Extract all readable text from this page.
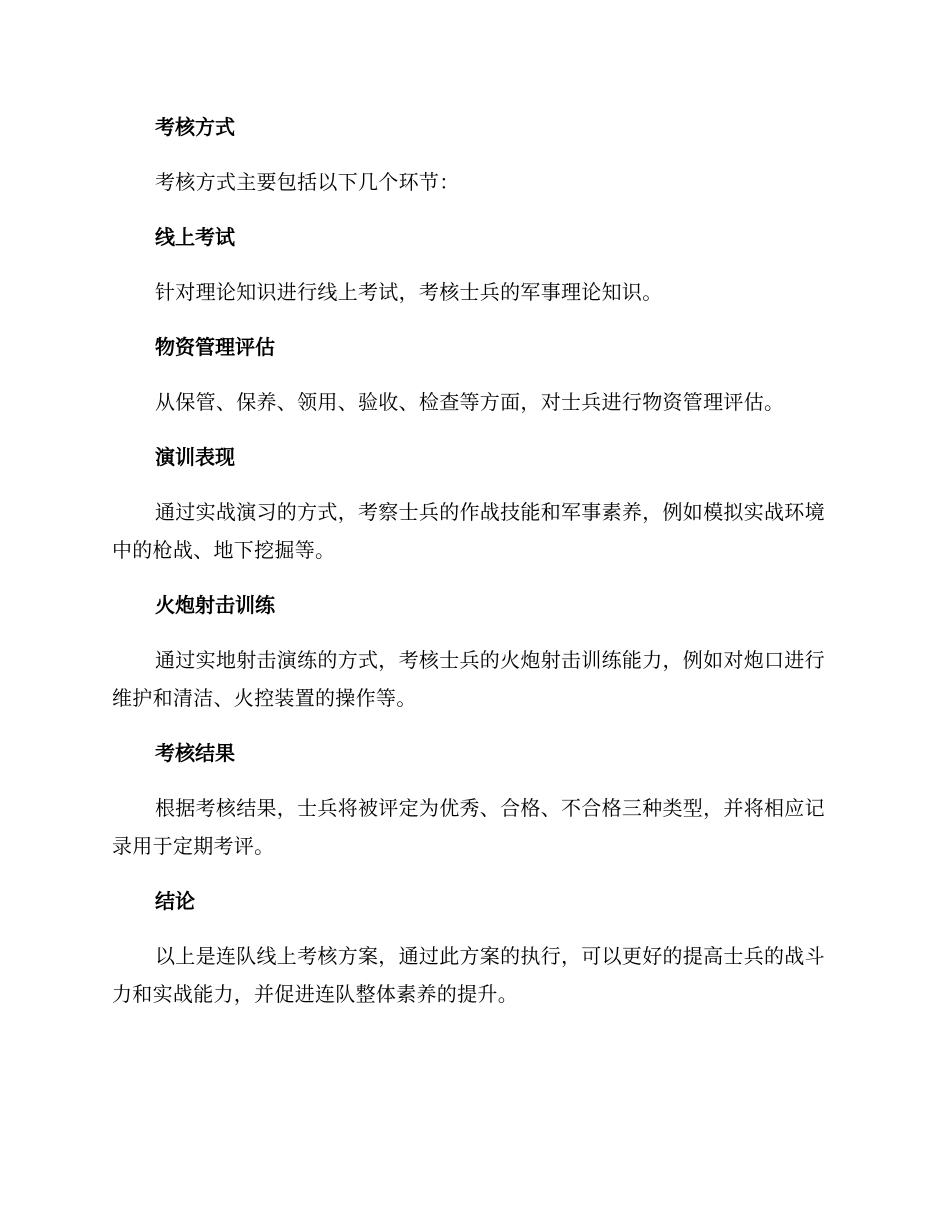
考核方式

考核方式主要包括以下几个环节：

线上考试

针对理论知识进行线上考试，考核士兵的军事理论知识。

物资管理评估

从保管、保养、领用、验收、检查等方面，对士兵进行物资管理评估。

演训表现

通过实战演习的方式，考察士兵的作战技能和军事素养，例如模拟实战环境中的枪战、地下挖掘等。

火炮射击训练

通过实地射击演练的方式，考核士兵的火炮射击训练能力，例如对炮口进行维护和清洁、火控装置的操作等。

考核结果

根据考核结果，士兵将被评定为优秀、合格、不合格三种类型，并将相应记录用于定期考评。

结论

以上是连队线上考核方案，通过此方案的执行，可以更好的提高士兵的战斗力和实战能力，并促进连队整体素养的提升。
